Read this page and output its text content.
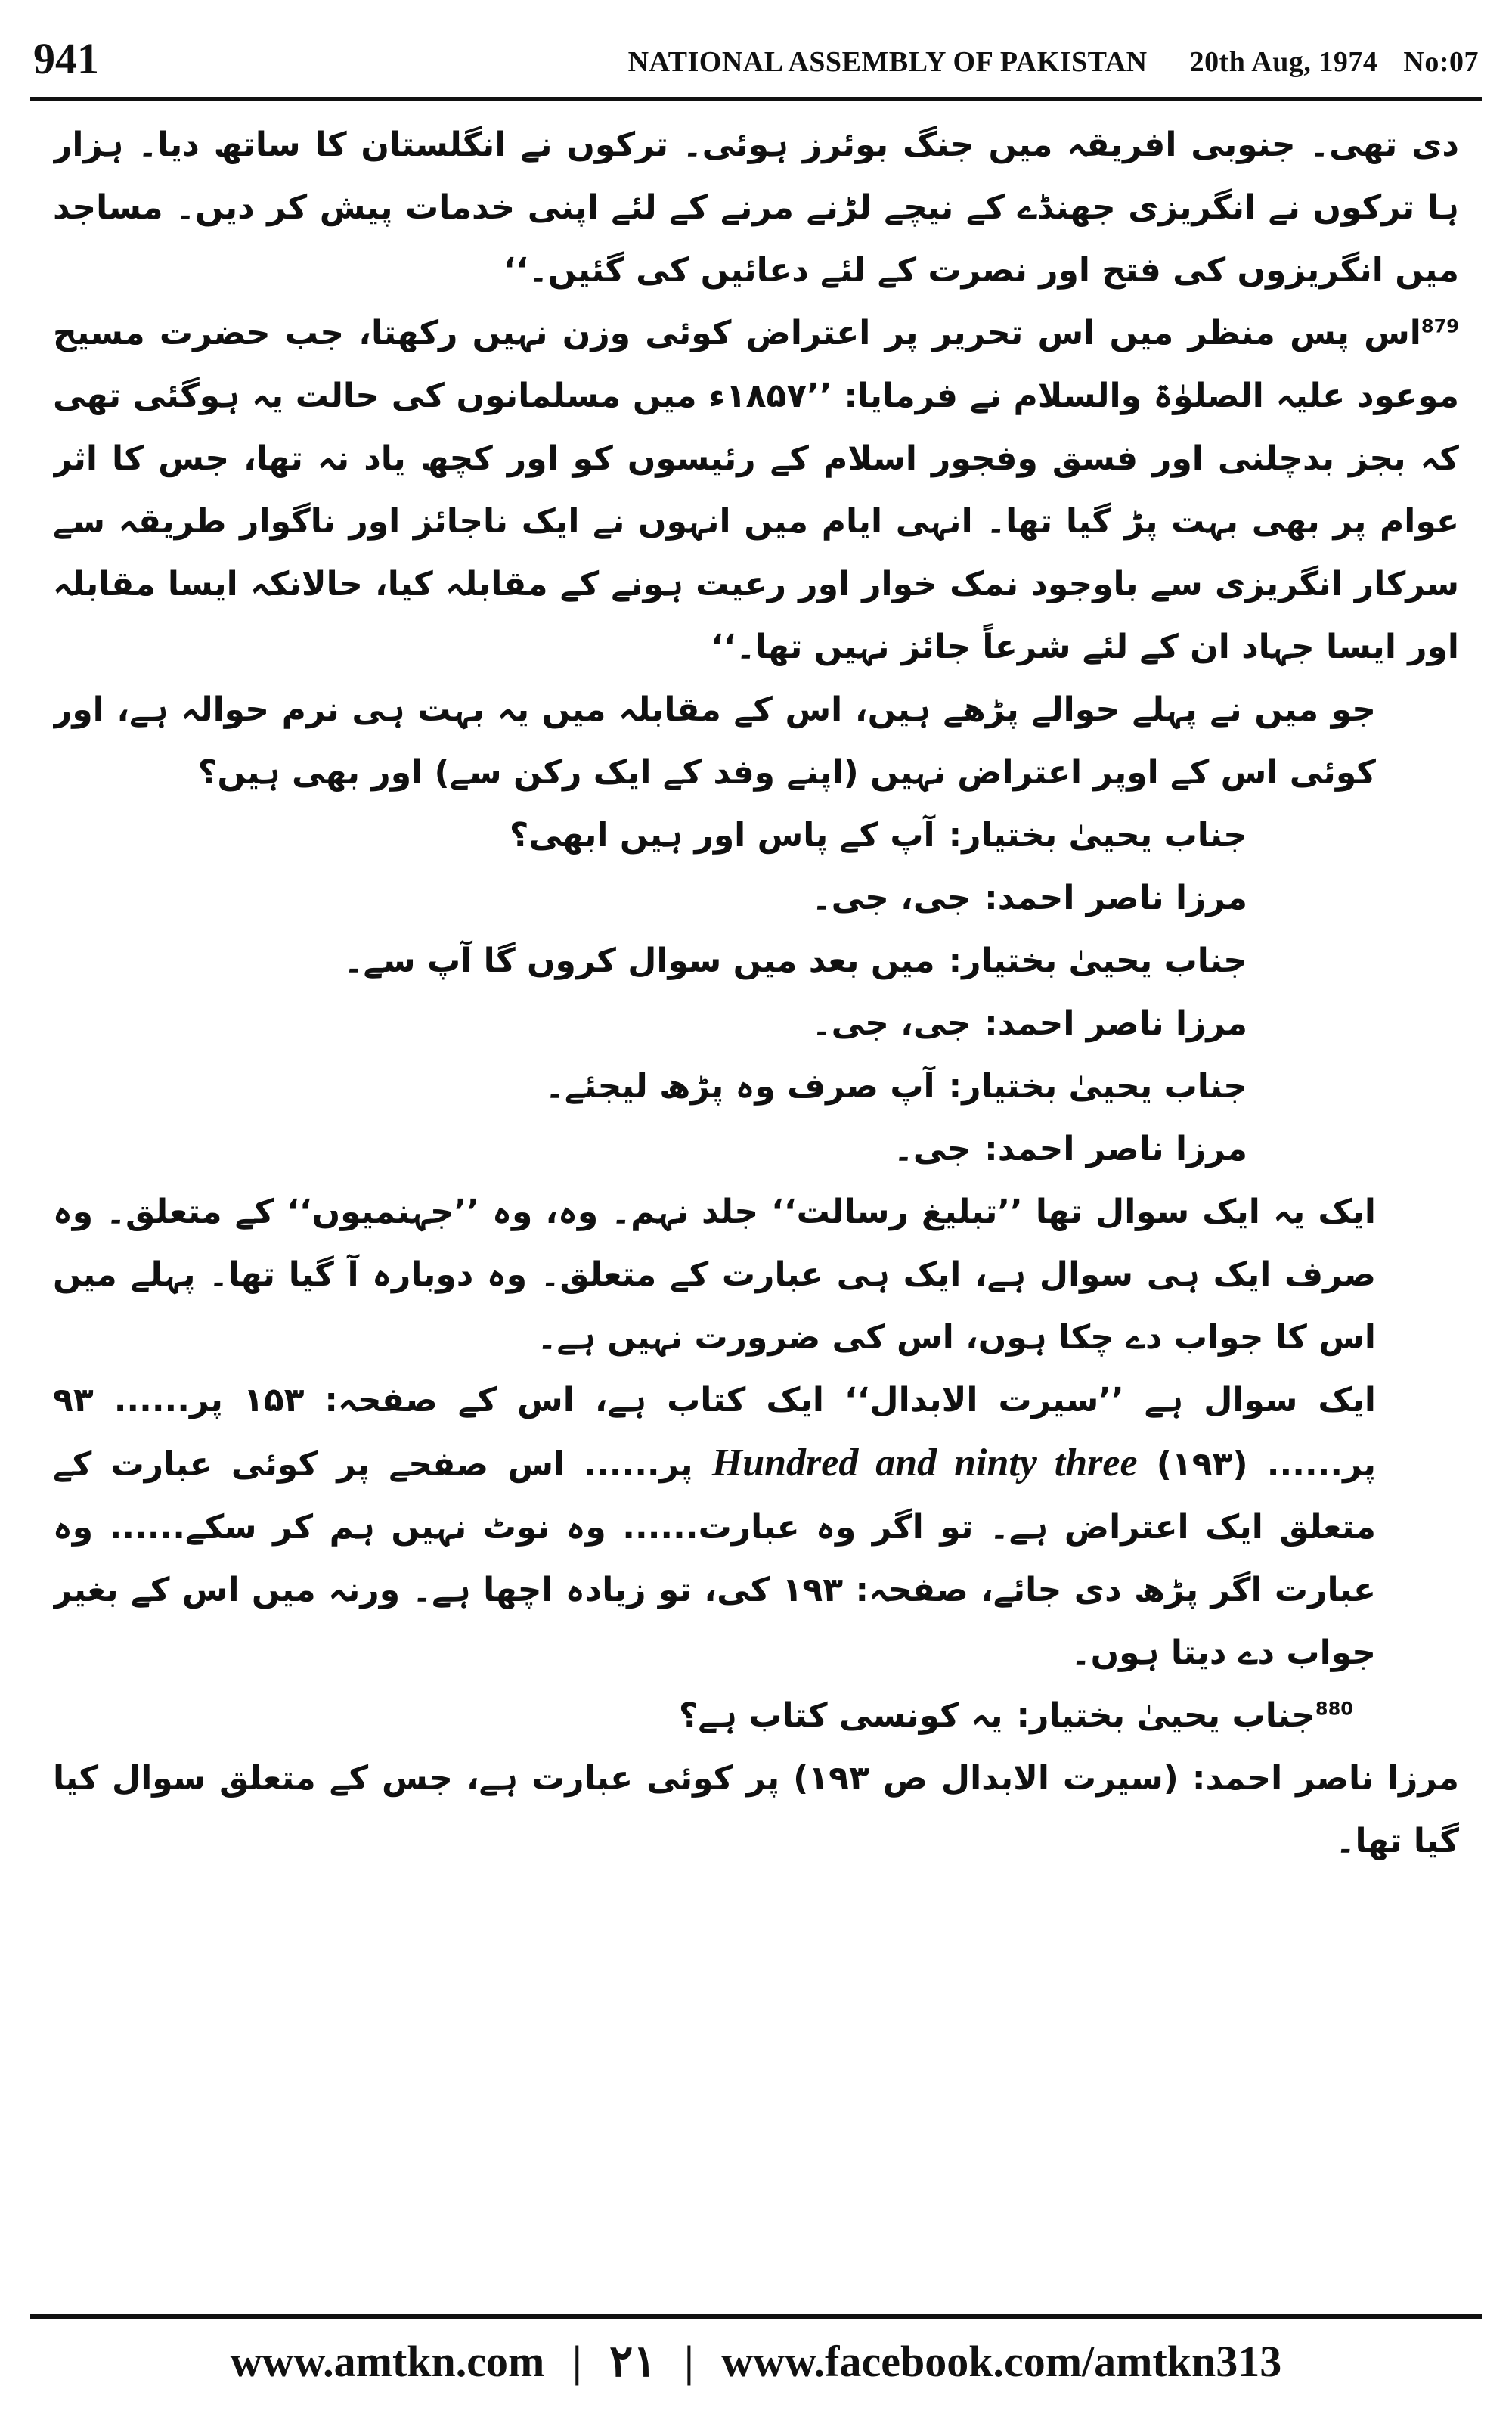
941	NATIONAL ASSEMBLY OF PAKISTAN 20th Aug, 1974 No:07

دی تھی۔ جنوبی افریقہ میں جنگ بوئرز ہوئی۔ ترکوں نے انگلستان کا ساتھ دیا۔ ہزار ہا ترکوں نے انگریزی جھنڈے کے نیچے لڑنے مرنے کے لئے اپنی خدمات پیش کر دیں۔ مساجد میں انگریزوں کی فتح اور نصرت کے لئے دعائیں کی گئیں۔‘‘

$^{879}$اس پس منظر میں اس تحریر پر اعتراض کوئی وزن نہیں رکھتا، جب حضرت مسیح موعود علیہ الصلوٰۃ والسلام نے فرمایا: ’’۱۸۵۷ء میں مسلمانوں کی حالت یہ ہوگئی تھی کہ بجز بدچلنی اور فسق وفجور اسلام کے رئیسوں کو اور کچھ یاد نہ تھا، جس کا اثر عوام پر بھی بہت پڑ گیا تھا۔ انہی ایام میں انہوں نے ایک ناجائز اور ناگوار طریقہ سے سرکار انگریزی سے باوجود نمک خوار اور رعیت ہونے کے مقابلہ کیا، حالانکہ ایسا مقابلہ اور ایسا جہاد ان کے لئے شرعاً جائز نہیں تھا۔‘‘

جو میں نے پہلے حوالے پڑھے ہیں، اس کے مقابلہ میں یہ بہت ہی نرم حوالہ ہے، اور کوئی اس کے اوپر اعتراض نہیں (اپنے وفد کے ایک رکن سے) اور بھی ہیں؟

جناب یحییٰ بختیار:آپ کے پاس اور ہیں ابھی؟

مرزا ناصر احمد:جی، جی۔

جناب یحییٰ بختیار:میں بعد میں سوال کروں گا آپ سے۔

مرزا ناصر احمد:جی، جی۔

جناب یحییٰ بختیار:آپ صرف وہ پڑھ لیجئے۔

مرزا ناصر احمد:جی۔

ایک یہ ایک سوال تھا ’’تبلیغ رسالت‘‘ جلد نہم۔ وہ، وہ ’’جہنمیوں‘‘ کے متعلق۔ وہ صرف ایک ہی سوال ہے، ایک ہی عبارت کے متعلق۔ وہ دوبارہ آ گیا تھا۔ پہلے میں اس کا جواب دے چکا ہوں، اس کی ضرورت نہیں ہے۔

ایک سوال ہے ’’سیرت الابدال‘‘ ایک کتاب ہے، اس کے صفحہ: ۱۵۳ پر...... ۹۳ پر...... Hundred and ninty three (۱۹۳) پر...... اس صفحے پر کوئی عبارت کے متعلق ایک اعتراض ہے۔ تو اگر وہ عبارت...... وہ نوٹ نہیں ہم کر سکے...... وہ عبارت اگر پڑھ دی جائے، صفحہ: ۱۹۳ کی، تو زیادہ اچھا ہے۔ ورنہ میں اس کے بغیر جواب دے دیتا ہوں۔

$^{880}$جناب یحییٰ بختیار:یہ کونسی کتاب ہے؟

مرزا ناصر احمد:(سیرت الابدال ص ۱۹۳) پر کوئی عبارت ہے، جس کے متعلق سوال کیا گیا تھا۔

www.amtkn.com | ۲۱ | www.facebook.com/amtkn313
